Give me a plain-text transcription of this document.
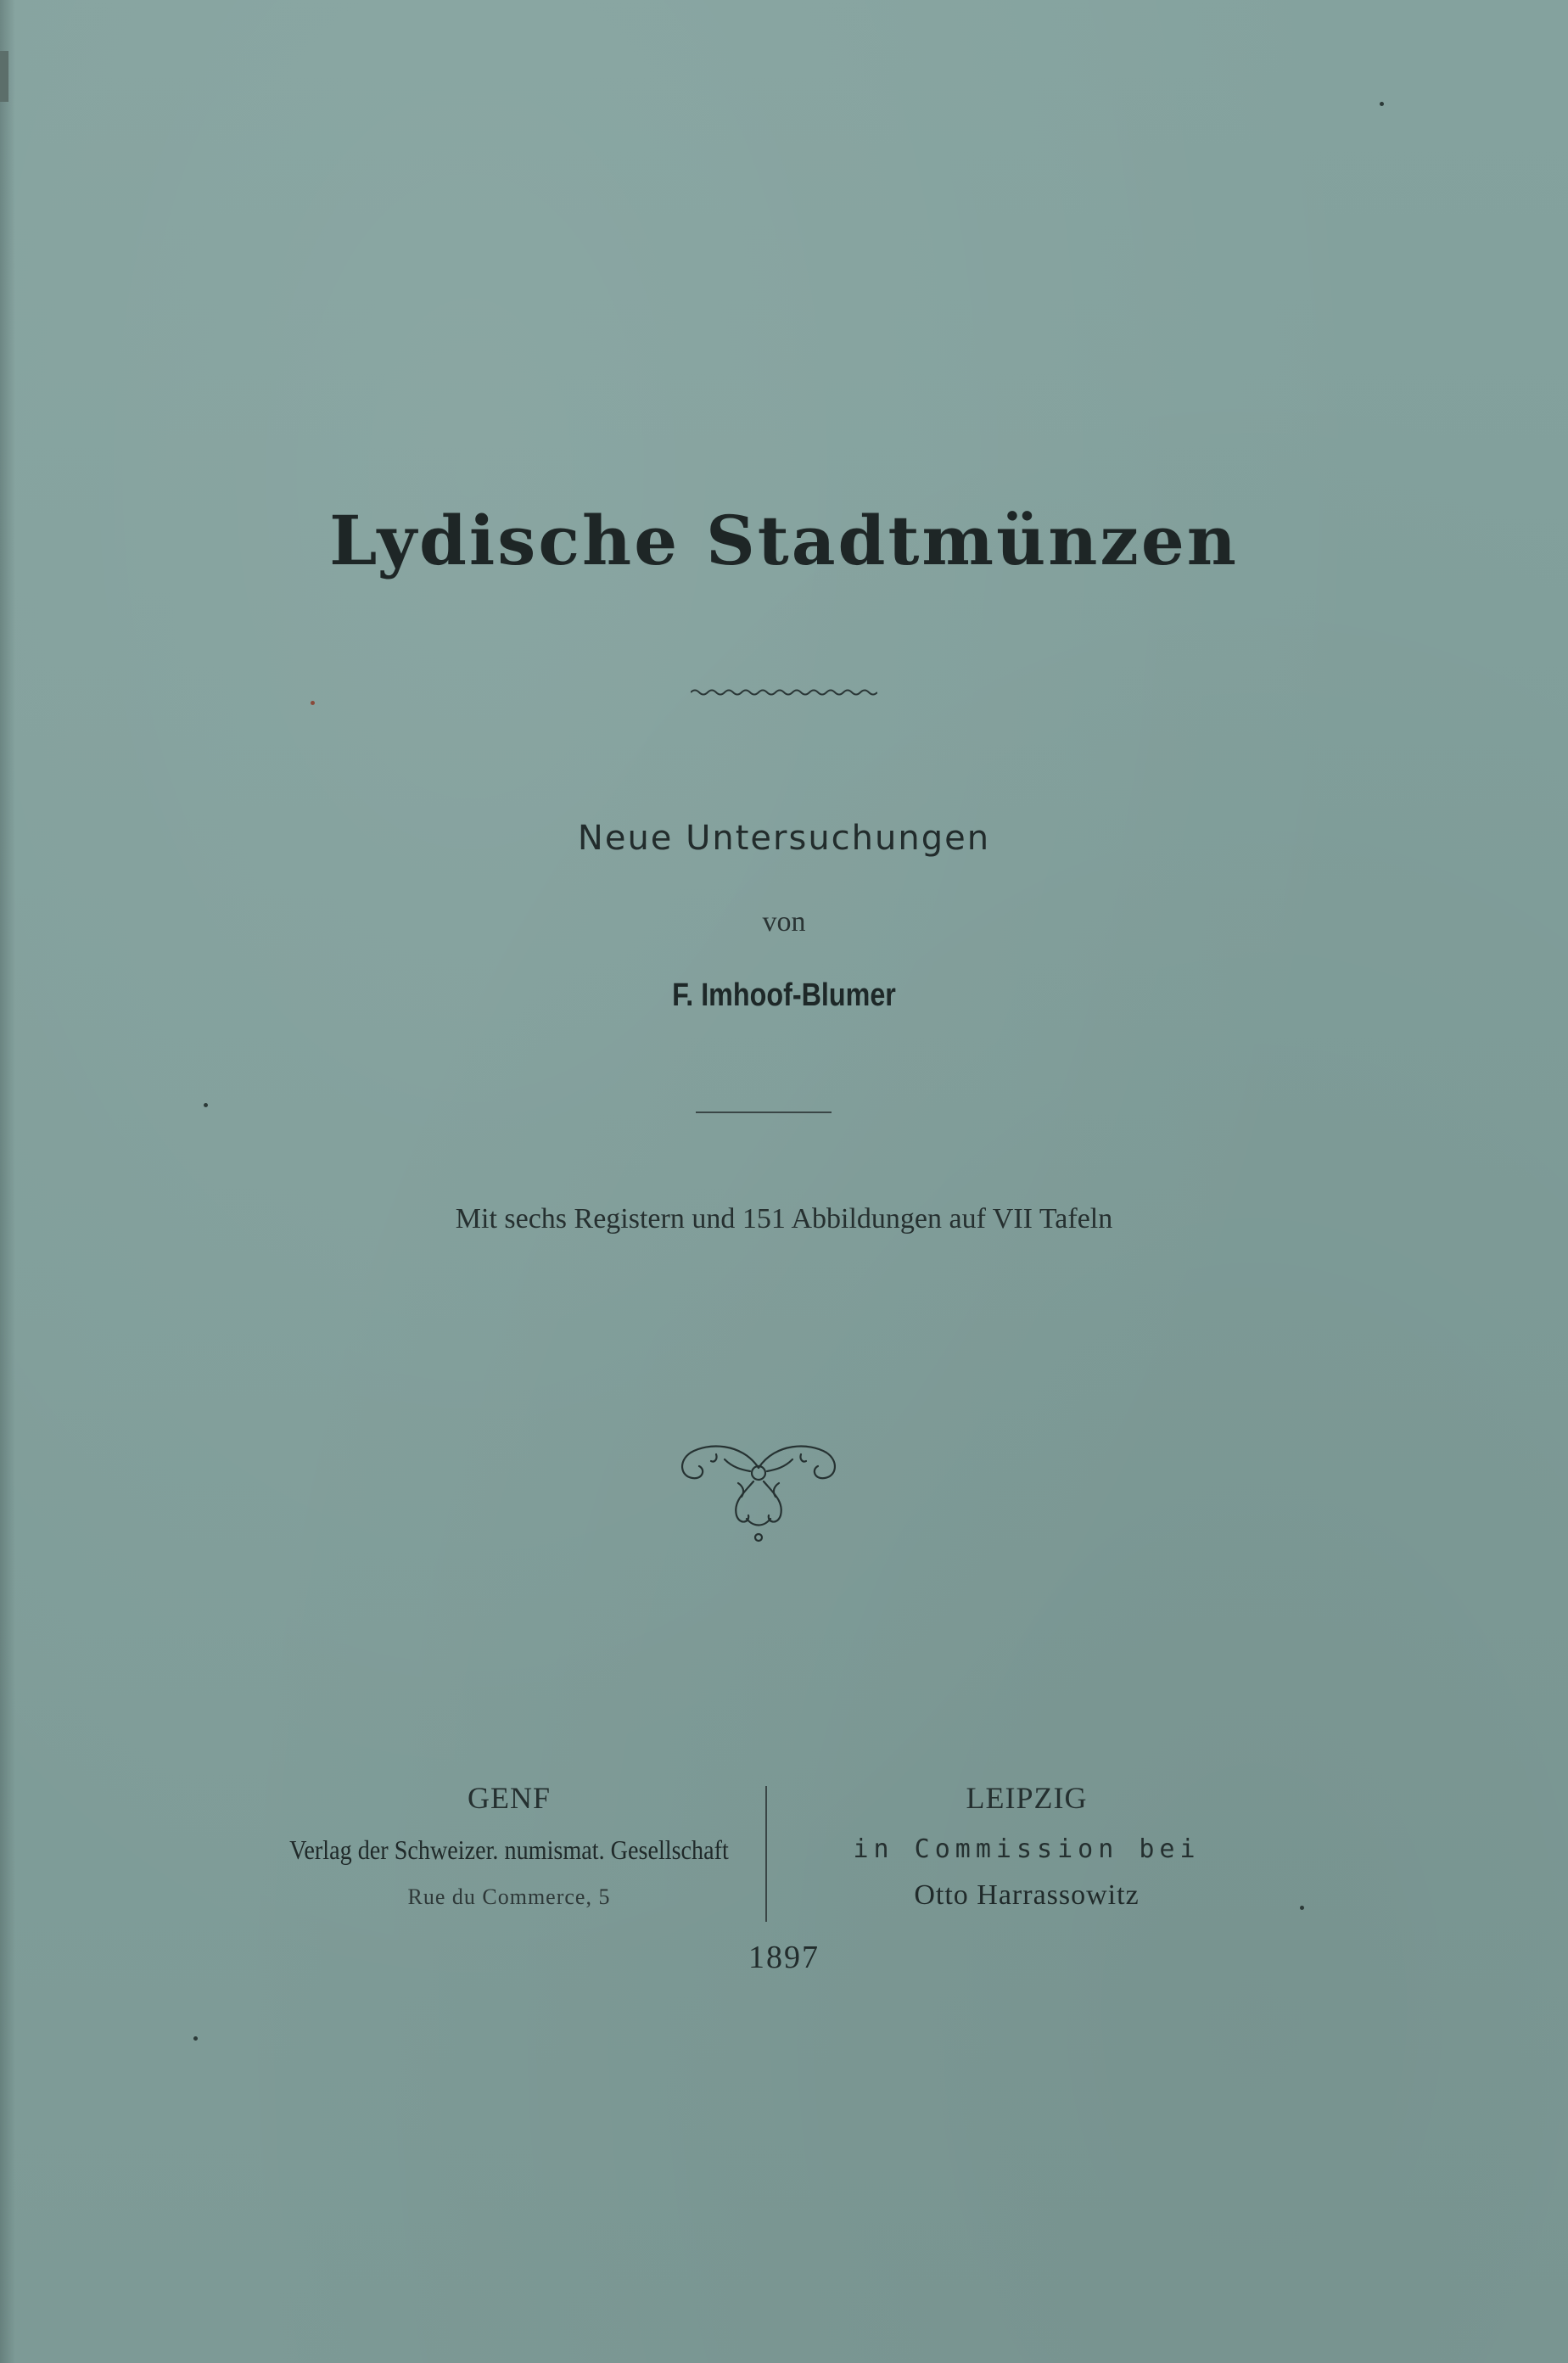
Lydische Stadtmünzen
Neue Untersuchungen
von
F. Imhoof-Blumer
Mit sechs Registern und 151 Abbildungen auf VII Tafeln
GENF
Verlag der Schweizer. numismat. Gesellschaft
Rue du Commerce, 5
LEIPZIG
in Commission bei
Otto Harrassowitz
1897
